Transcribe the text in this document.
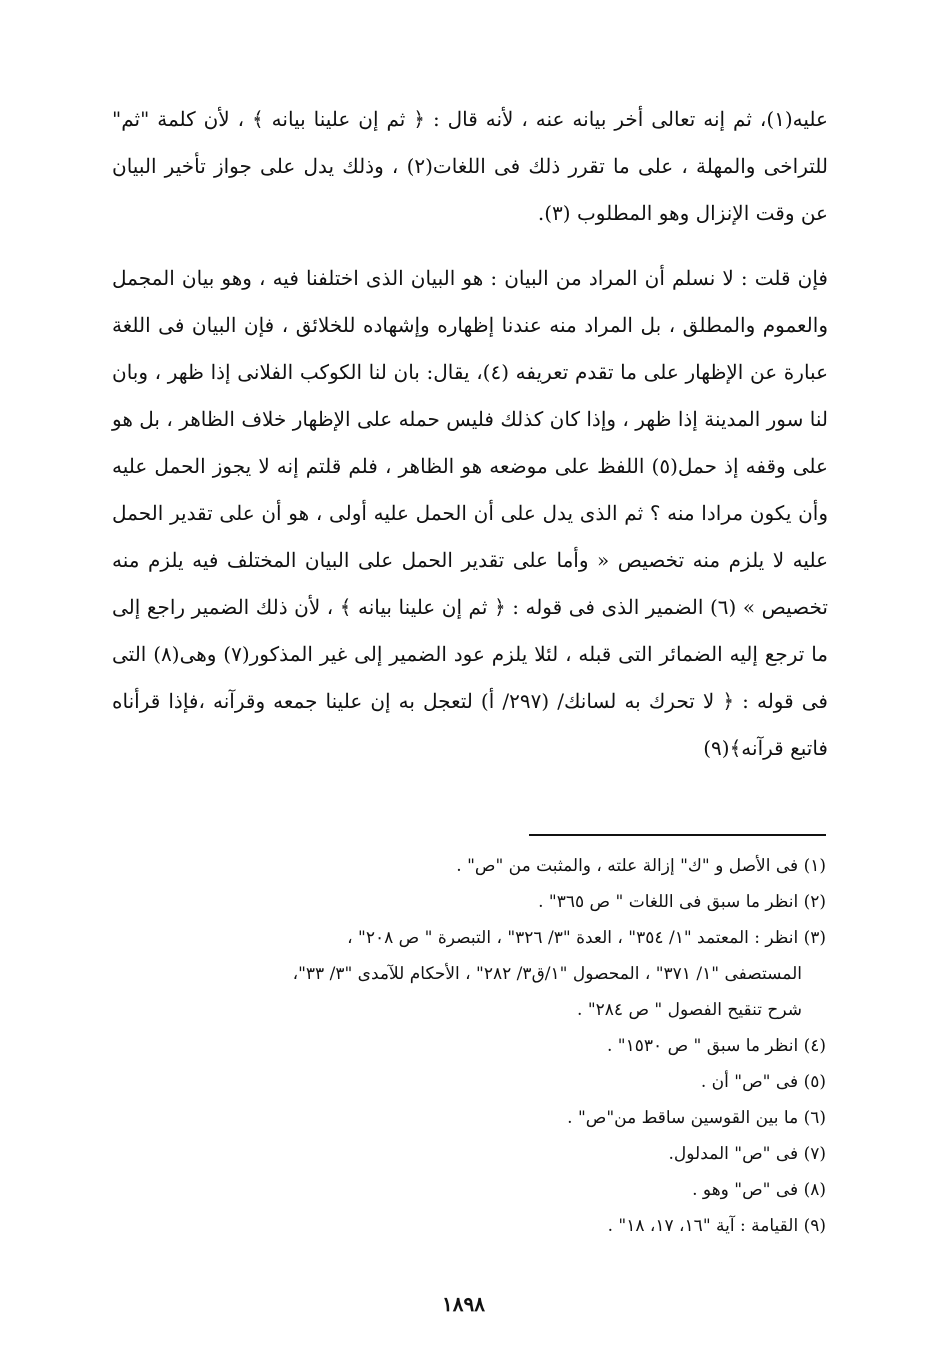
عليه(١)، ثم إنه تعالى أخر بيانه عنه ، لأنه قال : ﴿ ثم إن علينا بيانه ﴾ ، لأن كلمة "ثم" للتراخى والمهلة ، على ما تقرر ذلك فى اللغات(٢) ، وذلك يدل على جواز تأخير البيان عن وقت الإنزال وهو المطلوب (٣).

فإن قلت : لا نسلم أن المراد من البيان : هو البيان الذى اختلفنا فيه ، وهو بيان المجمل والعموم والمطلق ، بل المراد منه عندنا إظهاره وإشهاده للخلائق ، فإن البيان فى اللغة عبارة عن الإظهار على ما تقدم تعريفه (٤)، يقال: بان لنا الكوكب الفلانى إذا ظهر ، وبان لنا سور المدينة إذا ظهر ، وإذا كان كذلك فليس حمله على الإظهار خلاف الظاهر ، بل هو على وقفه إذ حمل(٥) اللفظ على موضعه هو الظاهر ، فلم قلتم إنه لا يجوز الحمل عليه وأن يكون مرادا منه ؟ ثم الذى يدل على أن الحمل عليه أولى ، هو أن على تقدير الحمل عليه لا يلزم منه تخصيص « وأما على تقدير الحمل على البيان المختلف فيه يلزم منه تخصيص » (٦) الضمير الذى فى قوله : ﴿ ثم إن علينا بيانه ﴾ ، لأن ذلك الضمير راجع إلى ما ترجع إليه الضمائر التى قبله ، لئلا يلزم عود الضمير إلى غير المذكور(٧) وهى(٨) التى فى قوله : ﴿ لا تحرك به لسانك/ (٢٩٧/ أ) لتعجل به إن علينا جمعه وقرآنه ،فإذا قرأناه فاتبع قرآنه﴾(٩)

(١) فى الأصل و "ك" إزالة علته ، والمثبت من "ص" .

(٢) انظر ما سبق فى اللغات " ص ٣٦٥" .

(٣) انظر : المعتمد "١/ ٣٥٤" ، العدة "٣/ ٣٢٦" ، التبصرة " ص ٢٠٨" ،

المستصفى "١/ ٣٧١" ، المحصول "١/ق٣/ ٢٨٢" ، الأحكام للآمدى "٣/ ٣٣"،

شرح تنقيح الفصول " ص ٢٨٤" .

(٤) انظر ما سبق " ص ١٥٣٠" .

(٥) فى "ص" أن .

(٦) ما بين القوسين ساقط من"ص" .

(٧) فى "ص" المدلول.

(٨) فى "ص" وهو .

(٩) القيامة : آية "١٦، ١٧، ١٨" .

١٨٩٨
